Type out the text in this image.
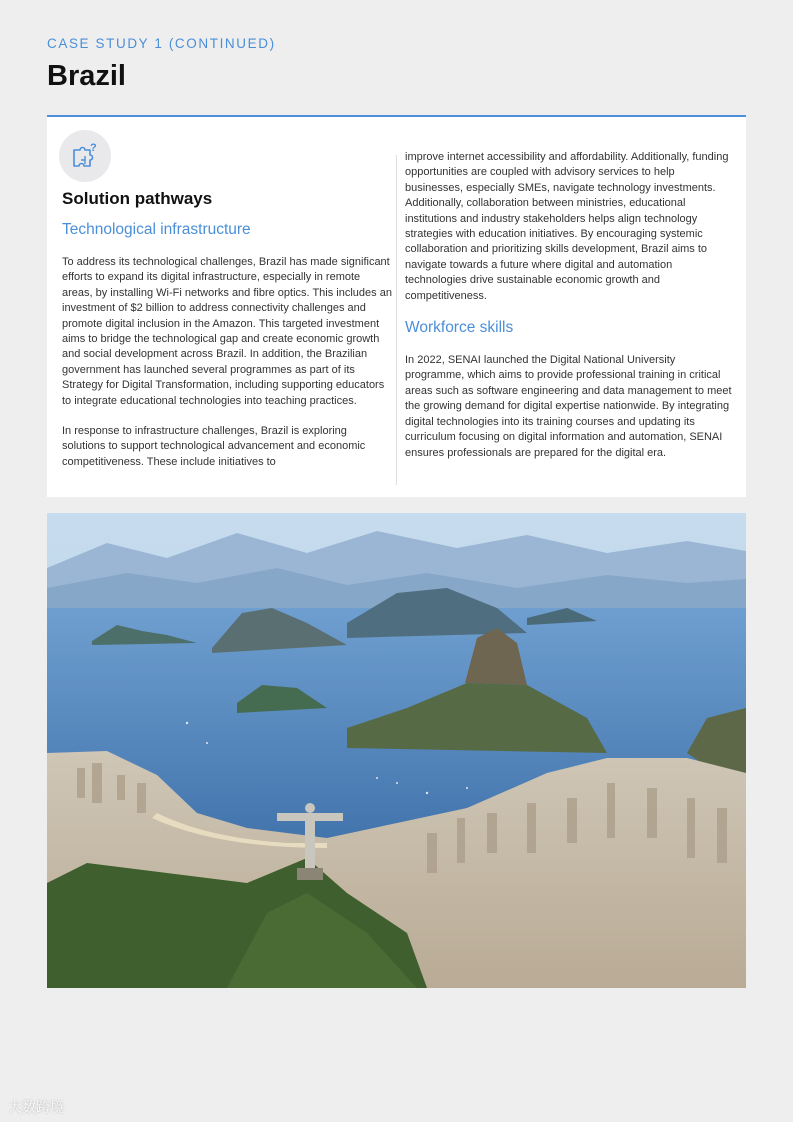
CASE STUDY 1 (CONTINUED)
Brazil
?
Solution pathways
Technological infrastructure

To address its technological challenges, Brazil has made significant efforts to expand its digital infrastructure, especially in remote areas, by installing Wi-Fi networks and fibre optics. This includes an investment of $2 billion to address connectivity challenges and promote digital inclusion in the Amazon. This targeted investment aims to bridge the technological gap and create economic growth and social development across Brazil. In addition, the Brazilian government has launched several programmes as part of its Strategy for Digital Transformation, including supporting educators to integrate educational technologies into teaching practices.

In response to infrastructure challenges, Brazil is exploring solutions to support technological advancement and economic competitiveness. These include initiatives to

improve internet accessibility and affordability. Additionally, funding opportunities are coupled with advisory services to help businesses, especially SMEs, navigate technology investments. Additionally, collaboration between ministries, educational institutions and industry stakeholders helps align technology strategies with education initiatives. By encouraging systemic collaboration and prioritizing skills development, Brazil aims to navigate towards a future where digital and automation technologies drive sustainable economic growth and competitiveness.

Workforce skills

In 2022, SENAI launched the Digital National University programme, which aims to provide professional training in critical areas such as software engineering and data management to meet the growing demand for digital expertise nationwide. By integrating digital technologies into its training courses and updating its curriculum focusing on digital information and automation, SENAI ensures professionals are prepared for the digital era.

大数跨境
